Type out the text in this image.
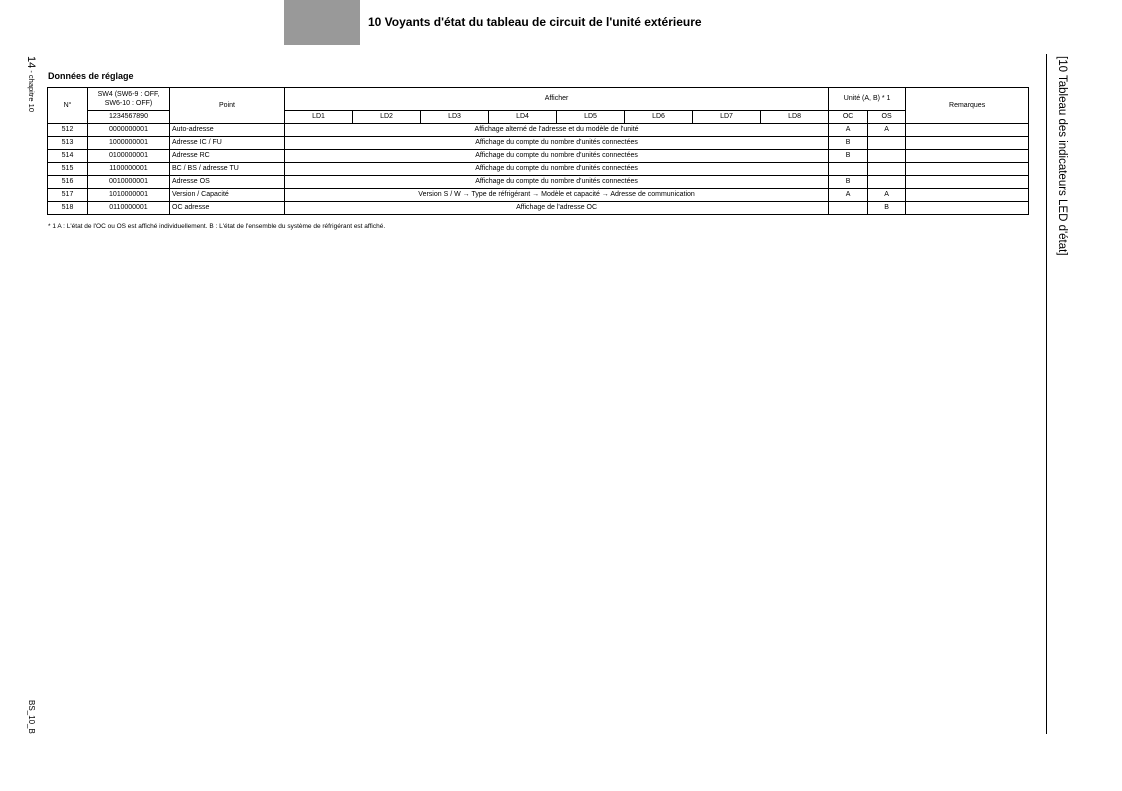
10 Voyants d'état du tableau de circuit de l'unité extérieure
14 - chapitre 10
BS_10_B
[10 Tableau des indicateurs LED d'état]
Données de réglage
N°	SW4 (SW6-9 : OFF, SW6-10 : OFF)	Point	Afficher								Unité (A, B) * 1		Remarques
	1234567890		LD1	LD2	LD3	LD4	LD5	LD6	LD7	LD8	OC	OS	
512	0000000001	Auto-adresse	Affichage alterné de l'adresse et du modèle de l'unité								A	A	
513	1000000001	Adresse IC / FU	Affichage du compte du nombre d'unités connectées								B		
514	0100000001	Adresse RC	Affichage du compte du nombre d'unités connectées								B		
515	1100000001	BC / BS / adresse TU	Affichage du compte du nombre d'unités connectées										
516	0010000001	Adresse OS	Affichage du compte du nombre d'unités connectées								B		
517	1010000001	Version / Capacité	Version S / W → Type de réfrigérant → Modèle et capacité → Adresse de communication								A	A	
518	0110000001	OC adresse	Affichage de l'adresse OC									B	
* 1 A : L'état de l'OC ou OS est affiché individuellement. B : L'état de l'ensemble du système de réfrigérant est affiché.
